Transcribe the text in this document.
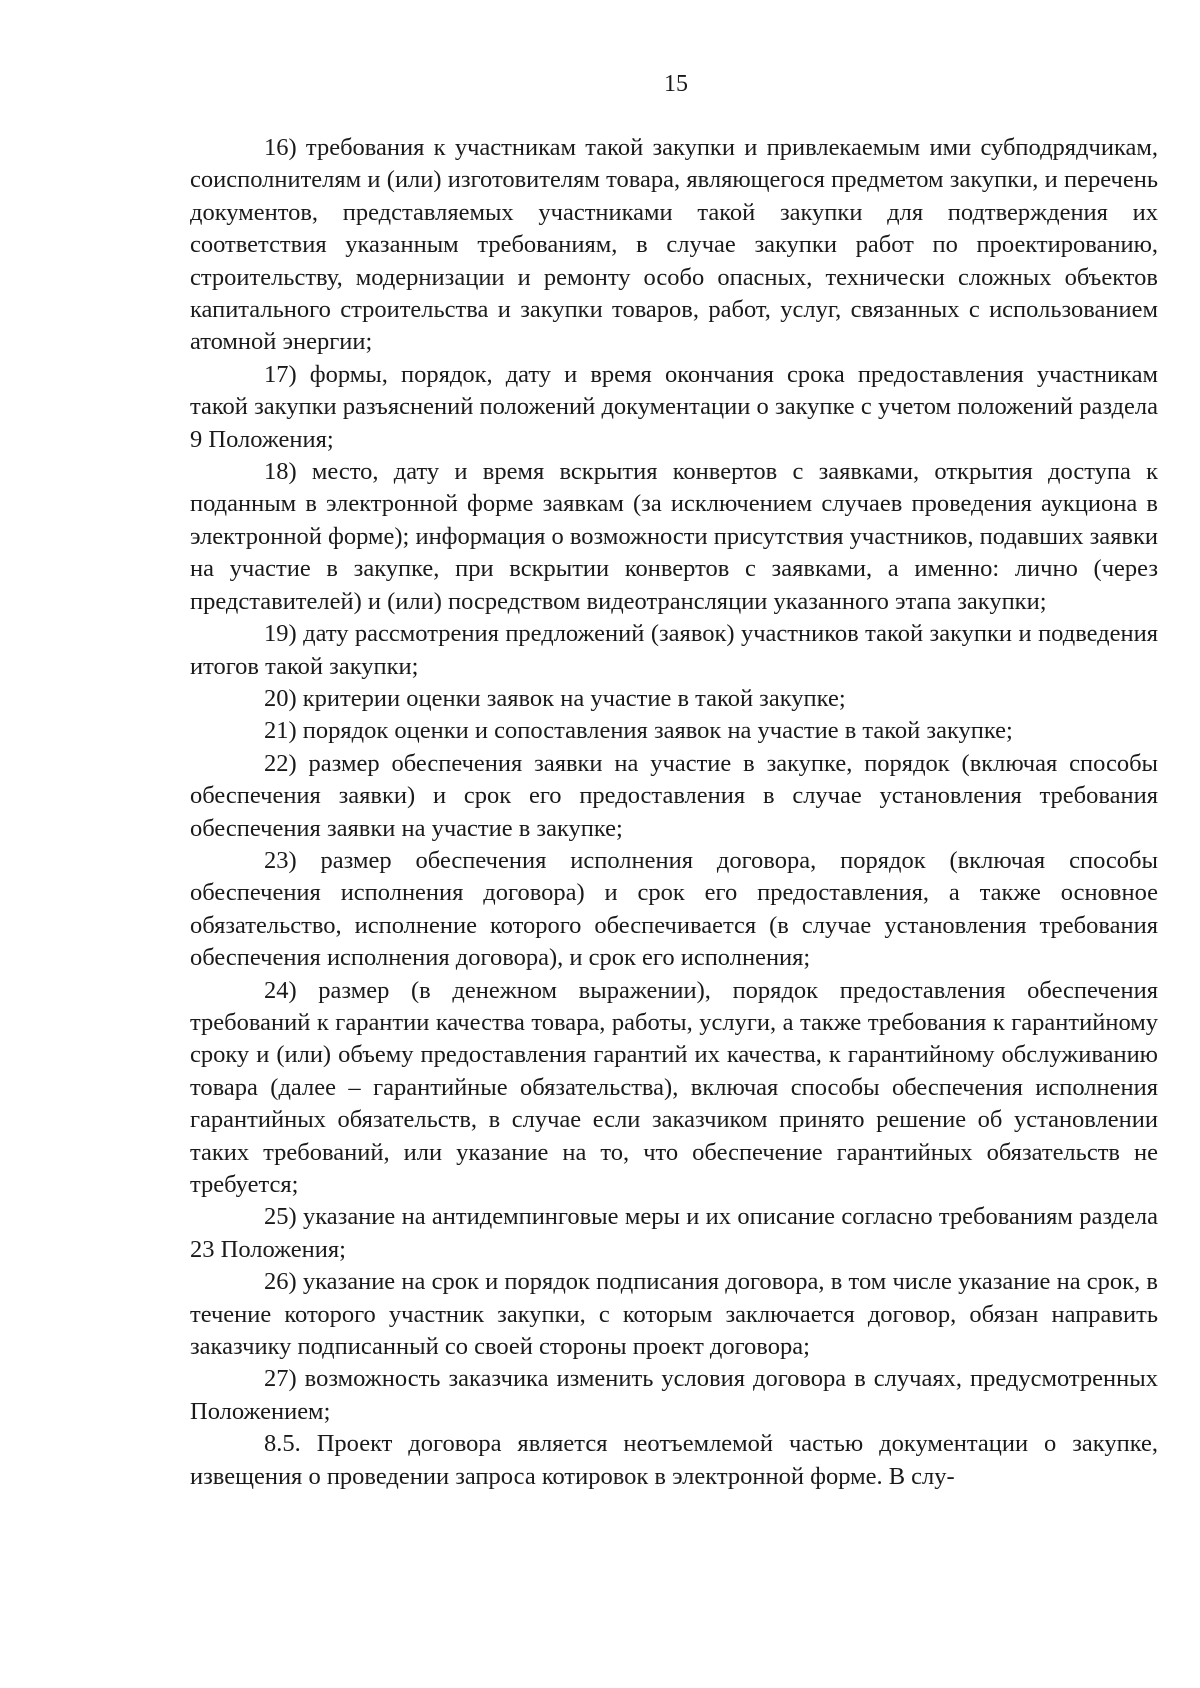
15

16) требования к участникам такой закупки и привлекаемым ими субподрядчикам, соисполнителям и (или) изготовителям товара, являющегося предметом закупки, и перечень документов, представляемых участниками такой закупки для подтверждения их соответствия указанным требованиям, в случае закупки работ по проектированию, строительству, модернизации и ремонту особо опасных, технически сложных объектов капитального строительства и закупки товаров, работ, услуг, связанных с использованием атомной энергии;

17) формы, порядок, дату и время окончания срока предоставления участникам такой закупки разъяснений положений документации о закупке с учетом положений раздела 9 Положения;

18) место, дату и время вскрытия конвертов с заявками, открытия доступа к поданным в электронной форме заявкам (за исключением случаев проведения аукциона в электронной форме); информация о возможности присутствия участников, подавших заявки на участие в закупке, при вскрытии конвертов с заявками, а именно: лично (через представителей) и (или) посредством видеотрансляции указанного этапа закупки;

19) дату рассмотрения предложений (заявок) участников такой закупки и подведения итогов такой закупки;

20) критерии оценки заявок на участие в такой закупке;

21) порядок оценки и сопоставления заявок на участие в такой закупке;

22) размер обеспечения заявки на участие в закупке, порядок (включая способы обеспечения заявки) и срок его предоставления в случае установления требования обеспечения заявки на участие в закупке;

23) размер обеспечения исполнения договора, порядок (включая способы обеспечения исполнения договора) и срок его предоставления, а также основное обязательство, исполнение которого обеспечивается (в случае установления требования обеспечения исполнения договора), и срок его исполнения;

24) размер (в денежном выражении), порядок предоставления обеспечения требований к гарантии качества товара, работы, услуги, а также требования к гарантийному сроку и (или) объему предоставления гарантий их качества, к гарантийному обслуживанию товара (далее – гарантийные обязательства), включая способы обеспечения исполнения гарантийных обязательств, в случае если заказчиком принято решение об установлении таких требований, или указание на то, что обеспечение гарантийных обязательств не требуется;

25) указание на антидемпинговые меры и их описание согласно требованиям раздела 23 Положения;

26) указание на срок и порядок подписания договора, в том числе указание на срок, в течение которого участник закупки, с которым заключается договор, обязан направить заказчику подписанный со своей стороны проект договора;

27) возможность заказчика изменить условия договора в случаях, предусмотренных Положением;

8.5. Проект договора является неотъемлемой частью документации о закупке, извещения о проведении запроса котировок в электронной форме. В слу-
